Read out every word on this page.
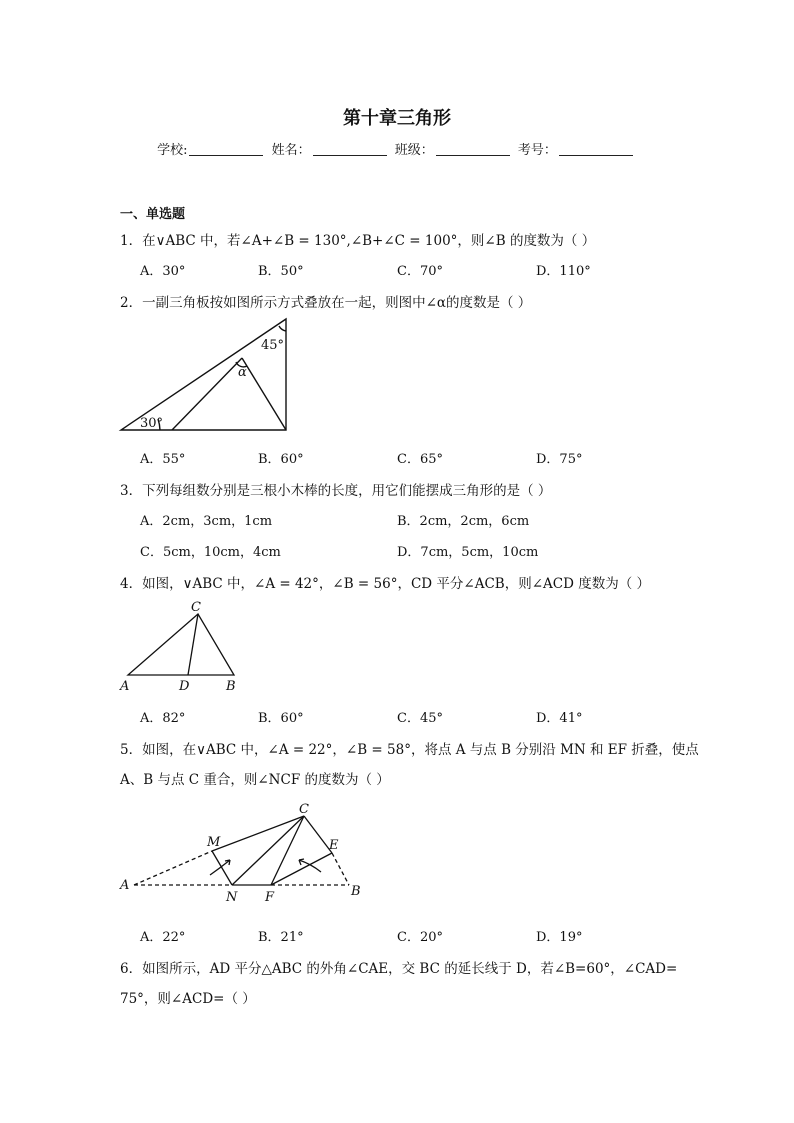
第十章三角形
学校:	姓名：	班级：	考号：
一、单选题
1．在∨ABC 中，若∠A+∠B = 130°,∠B+∠C = 100°，则∠B 的度数为（ ）
A．30°	B．50°	C．70°	D．110°
2．一副三角板按如图所示方式叠放在一起，则图中∠α的度数是（ ）
45°
α
30°
A．55°	B．60°	C．65°	D．75°
3．下列每组数分别是三根小木棒的长度，用它们能摆成三角形的是（ ）
A．2cm，3cm，1cm	B．2cm，2cm，6cm
C．5cm，10cm，4cm	D．7cm，5cm，10cm
4．如图，∨ABC 中，∠A = 42°，∠B = 56°，CD 平分∠ACB，则∠ACD 度数为（ ）
C
A	D	B
A．82°	B．60°	C．45°	D．41°
5．如图，在∨ABC 中，∠A = 22°，∠B = 58°，将点 A 与点 B 分别沿 MN 和 EF 折叠，使点
A、B 与点 C 重合，则∠NCF 的度数为（ ）
C
M	E
A
N F	B
A．22°	B．21°	C．20°	D．19°
6．如图所示，AD 平分△ABC 的外角∠CAE，交 BC 的延长线于 D，若∠B=60°，∠CAD=
75°，则∠ACD=（ ）
